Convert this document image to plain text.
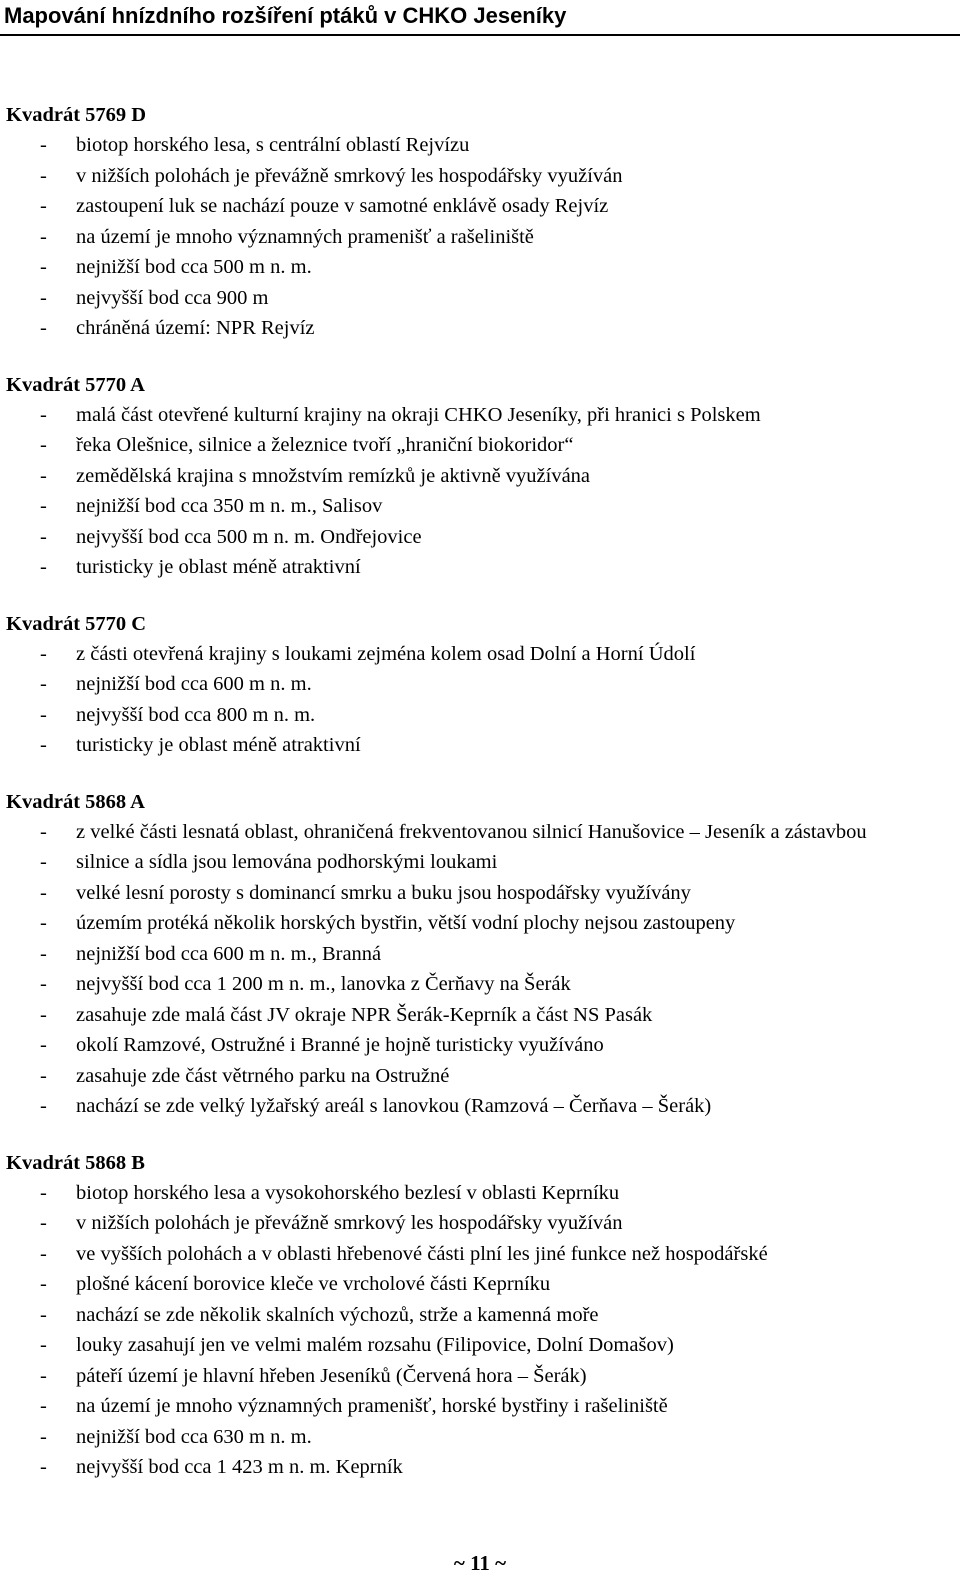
Mapování hnízdního rozšíření ptáků v CHKO Jeseníky
Kvadrát 5769 D
- biotop horského lesa, s centrální oblastí Rejvízu
- v nižších polohách je převážně smrkový les hospodářsky využíván
- zastoupení luk se nachází pouze v samotné enklávě osady Rejvíz
- na území je mnoho významných pramenišť a rašeliniště
- nejnižší bod cca 500 m n. m.
- nejvyšší bod cca 900 m
- chráněná území: NPR Rejvíz
Kvadrát 5770 A
- malá část otevřené kulturní krajiny na okraji CHKO Jeseníky, při hranici s Polskem
- řeka Olešnice, silnice a železnice tvoří „hraniční biokoridor“
- zemědělská krajina s množstvím remízků je aktivně využívána
- nejnižší bod cca 350 m n. m., Salisov
- nejvyšší bod cca 500 m n. m. Ondřejovice
- turisticky je oblast méně atraktivní
Kvadrát 5770 C
- z části otevřená krajiny s loukami zejména kolem osad Dolní a Horní Údolí
- nejnižší bod cca 600 m n. m.
- nejvyšší bod cca 800 m n. m.
- turisticky je oblast méně atraktivní
Kvadrát 5868 A
- z velké části lesnatá oblast, ohraničená frekventovanou silnicí Hanušovice – Jeseník a zástavbou
- silnice a sídla jsou lemována podhorskými loukami
- velké lesní porosty s dominancí smrku a buku jsou hospodářsky využívány
- územím protéká několik horských bystřin, větší vodní plochy nejsou zastoupeny
- nejnižší bod cca 600 m n. m., Branná
- nejvyšší bod cca 1 200 m n. m., lanovka z Čerňavy na Šerák
- zasahuje zde malá část JV okraje NPR Šerák-Keprník a část NS Pasák
- okolí Ramzové, Ostružné i Branné je hojně turisticky využíváno
- zasahuje zde část větrného parku na Ostružné
- nachází se zde velký lyžařský areál s lanovkou (Ramzová – Čerňava – Šerák)
Kvadrát 5868 B
- biotop horského lesa a vysokohorského bezlesí v oblasti Keprníku
- v nižších polohách je převážně smrkový les hospodářsky využíván
- ve vyšších polohách a v oblasti hřebenové části plní les jiné funkce než hospodářské
- plošné kácení borovice kleče ve vrcholové části Keprníku
- nachází se zde několik skalních výchozů, strže a kamenná moře
- louky zasahují jen ve velmi malém rozsahu (Filipovice, Dolní Domašov)
- páteří území je hlavní hřeben Jeseníků (Červená hora – Šerák)
- na území je mnoho významných pramenišť, horské bystřiny i rašeliniště
- nejnižší bod cca 630 m n. m.
- nejvyšší bod cca 1 423 m n. m. Keprník
~ 11 ~
